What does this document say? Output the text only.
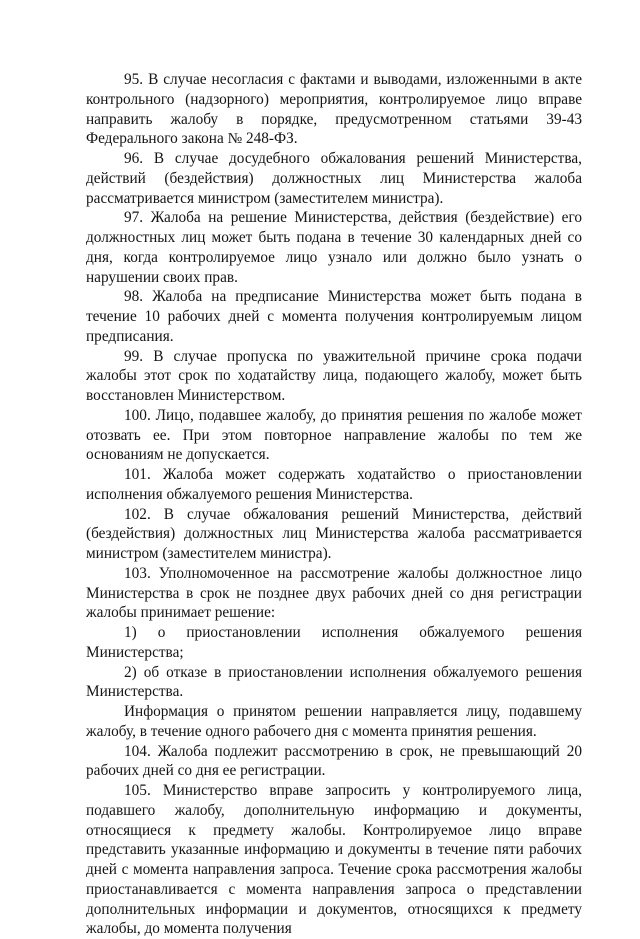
95. В случае несогласия с фактами и выводами, изложенными в акте контрольного (надзорного) мероприятия, контролируемое лицо вправе направить жалобу в порядке, предусмотренном статьями 39-43 Федерального закона № 248-ФЗ.

96. В случае досудебного обжалования решений Министерства, действий (бездействия) должностных лиц Министерства жалоба рассматривается министром (заместителем министра).

97. Жалоба на решение Министерства, действия (бездействие) его должностных лиц может быть подана в течение 30 календарных дней со дня, когда контролируемое лицо узнало или должно было узнать о нарушении своих прав.

98. Жалоба на предписание Министерства может быть подана в течение 10 рабочих дней с момента получения контролируемым лицом предписания.

99. В случае пропуска по уважительной причине срока подачи жалобы этот срок по ходатайству лица, подающего жалобу, может быть восстановлен Министерством.

100. Лицо, подавшее жалобу, до принятия решения по жалобе может отозвать ее. При этом повторное направление жалобы по тем же основаниям не допускается.

101. Жалоба может содержать ходатайство о приостановлении исполнения обжалуемого решения Министерства.

102. В случае обжалования решений Министерства, действий (бездействия) должностных лиц Министерства жалоба рассматривается министром (заместителем министра).

103. Уполномоченное на рассмотрение жалобы должностное лицо Министерства в срок не позднее двух рабочих дней со дня регистрации жалобы принимает решение:

1) о приостановлении исполнения обжалуемого решения Министерства;

2) об отказе в приостановлении исполнения обжалуемого решения Министерства.

Информация о принятом решении направляется лицу, подавшему жалобу, в течение одного рабочего дня с момента принятия решения.

104. Жалоба подлежит рассмотрению в срок, не превышающий 20 рабочих дней со дня ее регистрации.

105. Министерство вправе запросить у контролируемого лица, подавшего жалобу, дополнительную информацию и документы, относящиеся к предмету жалобы. Контролируемое лицо вправе представить указанные информацию и документы в течение пяти рабочих дней с момента направления запроса. Течение срока рассмотрения жалобы приостанавливается с момента направления запроса о представлении дополнительных информации и документов, относящихся к предмету жалобы, до момента получения
